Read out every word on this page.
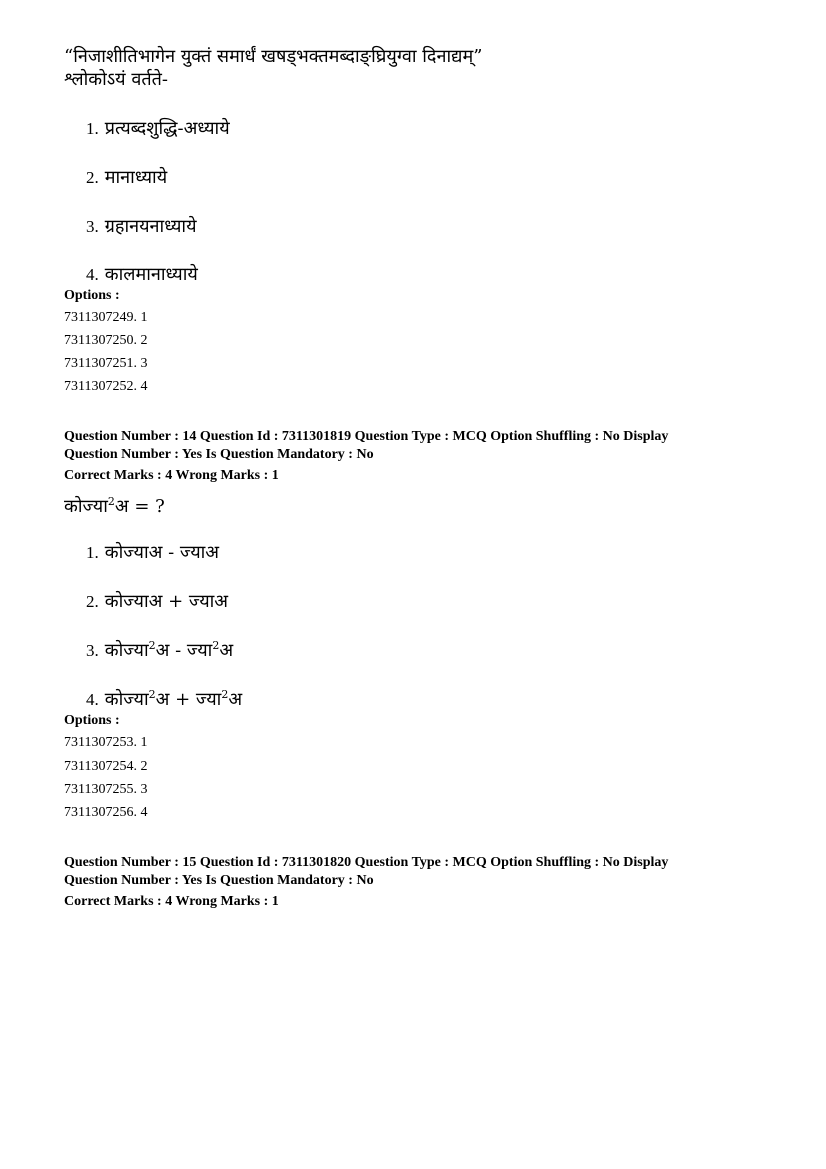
“निजाशीतिभागेन युक्तं समार्धं खषड्भक्तमब्दाङ्घ्रियुग्वा दिनाद्यम्”
श्लोकोऽयं वर्तते-
1. प्रत्यब्दशुद्धि-अध्याये
2. मानाध्याये
3. ग्रहानयनाध्याये
4. कालमानाध्याये
Options :
7311307249. 1
7311307250. 2
7311307251. 3
7311307252. 4
Question Number : 14 Question Id : 7311301819 Question Type : MCQ Option Shuffling : No Display
Question Number : Yes Is Question Mandatory : No
Correct Marks : 4 Wrong Marks : 1
कोज्या$^2$अ = ?
1. कोज्याअ - ज्याअ
2. कोज्याअ + ज्याअ
3. कोज्या$^2$अ - ज्या$^2$अ
4. कोज्या$^2$अ + ज्या$^2$अ
Options :
7311307253. 1
7311307254. 2
7311307255. 3
7311307256. 4
Question Number : 15 Question Id : 7311301820 Question Type : MCQ Option Shuffling : No Display
Question Number : Yes Is Question Mandatory : No
Correct Marks : 4 Wrong Marks : 1
